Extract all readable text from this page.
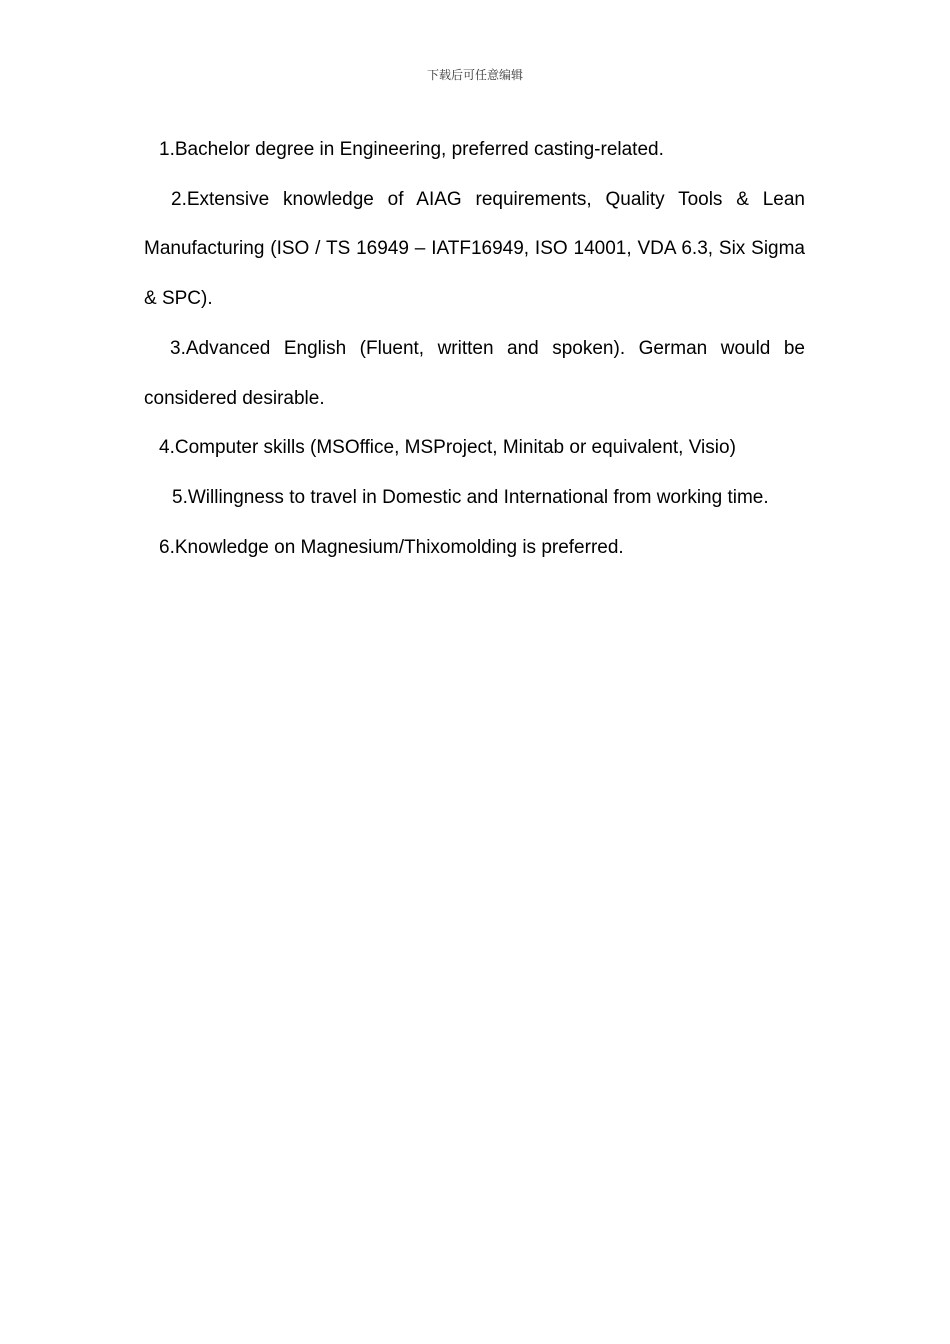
下载后可任意编辑

1.Bachelor degree in Engineering, preferred casting-related.

2.Extensive knowledge of AIAG requirements, Quality Tools & Lean Manufacturing (ISO / TS 16949 – IATF16949, ISO 14001, VDA 6.3, Six Sigma & SPC).

3.Advanced English (Fluent, written and spoken). German would be considered desirable.

4.Computer skills (MSOffice, MSProject, Minitab or equivalent, Visio)

5.Willingness to travel in Domestic and International from working time.

6.Knowledge on Magnesium/Thixomolding is preferred.
